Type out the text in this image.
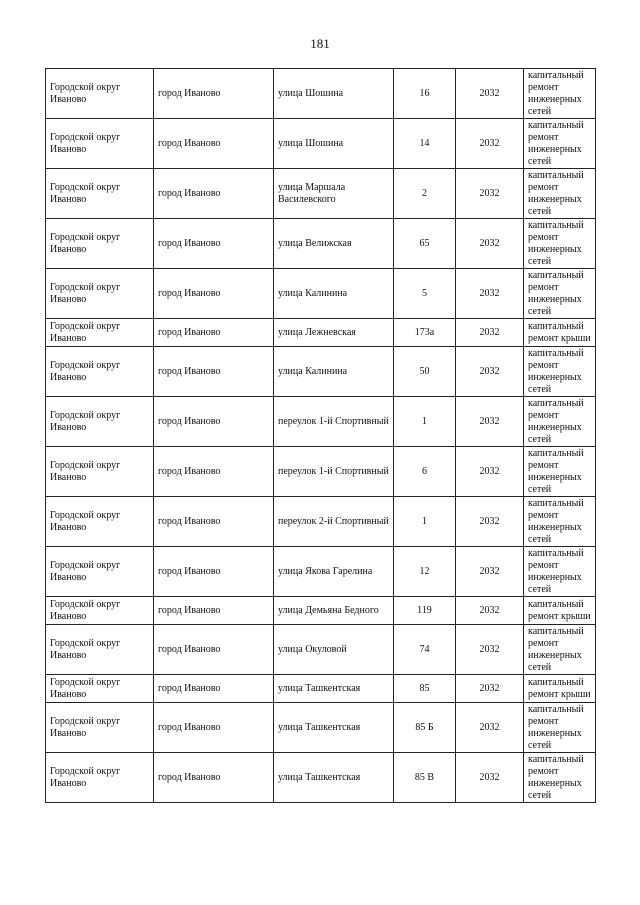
181
Городской округ Иваново	город Иваново	улица Шошина	16	2032	капитальный ремонт инженерных сетей
Городской округ Иваново	город Иваново	улица Шошина	14	2032	капитальный ремонт инженерных сетей
Городской округ Иваново	город Иваново	улица Маршала Василевского	2	2032	капитальный ремонт инженерных сетей
Городской округ Иваново	город Иваново	улица Велижская	65	2032	капитальный ремонт инженерных сетей
Городской округ Иваново	город Иваново	улица Калинина	5	2032	капитальный ремонт инженерных сетей
Городской округ Иваново	город Иваново	улица Лежневская	173а	2032	капитальный ремонт крыши
Городской округ Иваново	город Иваново	улица Калинина	50	2032	капитальный ремонт инженерных сетей
Городской округ Иваново	город Иваново	переулок 1-й Спортивный	1	2032	капитальный ремонт инженерных сетей
Городской округ Иваново	город Иваново	переулок 1-й Спортивный	6	2032	капитальный ремонт инженерных сетей
Городской округ Иваново	город Иваново	переулок 2-й Спортивный	1	2032	капитальный ремонт инженерных сетей
Городской округ Иваново	город Иваново	улица Якова Гарелина	12	2032	капитальный ремонт инженерных сетей
Городской округ Иваново	город Иваново	улица Демьяна Бедного	119	2032	капитальный ремонт крыши
Городской округ Иваново	город Иваново	улица Окуловой	74	2032	капитальный ремонт инженерных сетей
Городской округ Иваново	город Иваново	улица Ташкентская	85	2032	капитальный ремонт крыши
Городской округ Иваново	город Иваново	улица Ташкентская	85 Б	2032	капитальный ремонт инженерных сетей
Городской округ Иваново	город Иваново	улица Ташкентская	85 В	2032	капитальный ремонт инженерных сетей
